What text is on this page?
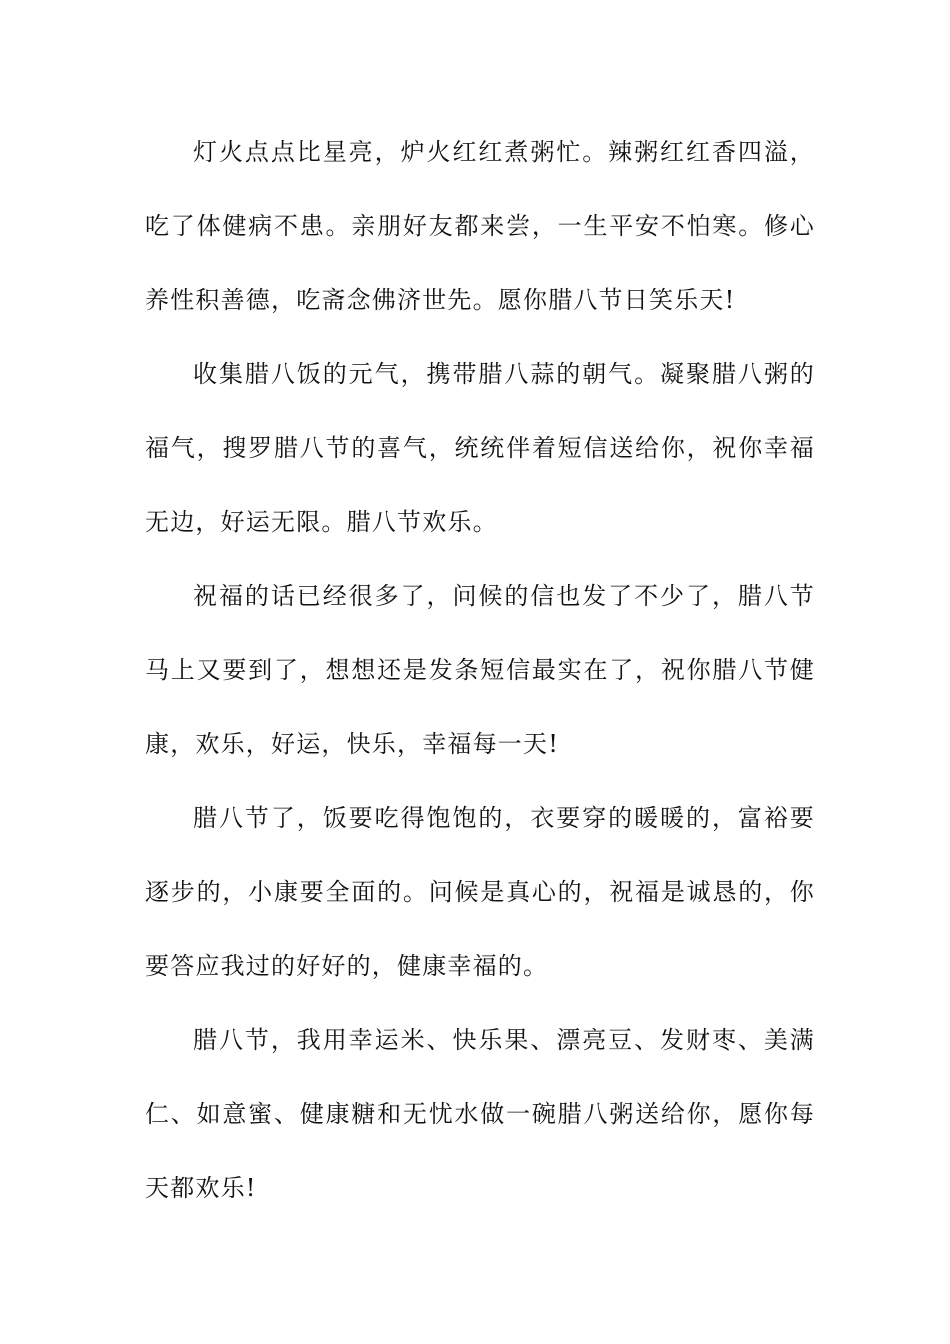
灯火点点比星亮，炉火红红煮粥忙。辣粥红红香四溢，吃了体健病不患。亲朋好友都来尝，一生平安不怕寒。修心养性积善德，吃斋念佛济世先。愿你腊八节日笑乐天!

收集腊八饭的元气，携带腊八蒜的朝气。凝聚腊八粥的福气，搜罗腊八节的喜气，统统伴着短信送给你，祝你幸福无边，好运无限。腊八节欢乐。

祝福的话已经很多了，问候的信也发了不少了，腊八节马上又要到了，想想还是发条短信最实在了，祝你腊八节健康，欢乐，好运，快乐，幸福每一天!

腊八节了，饭要吃得饱饱的，衣要穿的暖暖的，富裕要逐步的，小康要全面的。问候是真心的，祝福是诚恳的，你要答应我过的好好的，健康幸福的。

腊八节，我用幸运米、快乐果、漂亮豆、发财枣、美满仁、如意蜜、健康糖和无忧水做一碗腊八粥送给你，愿你每天都欢乐!
